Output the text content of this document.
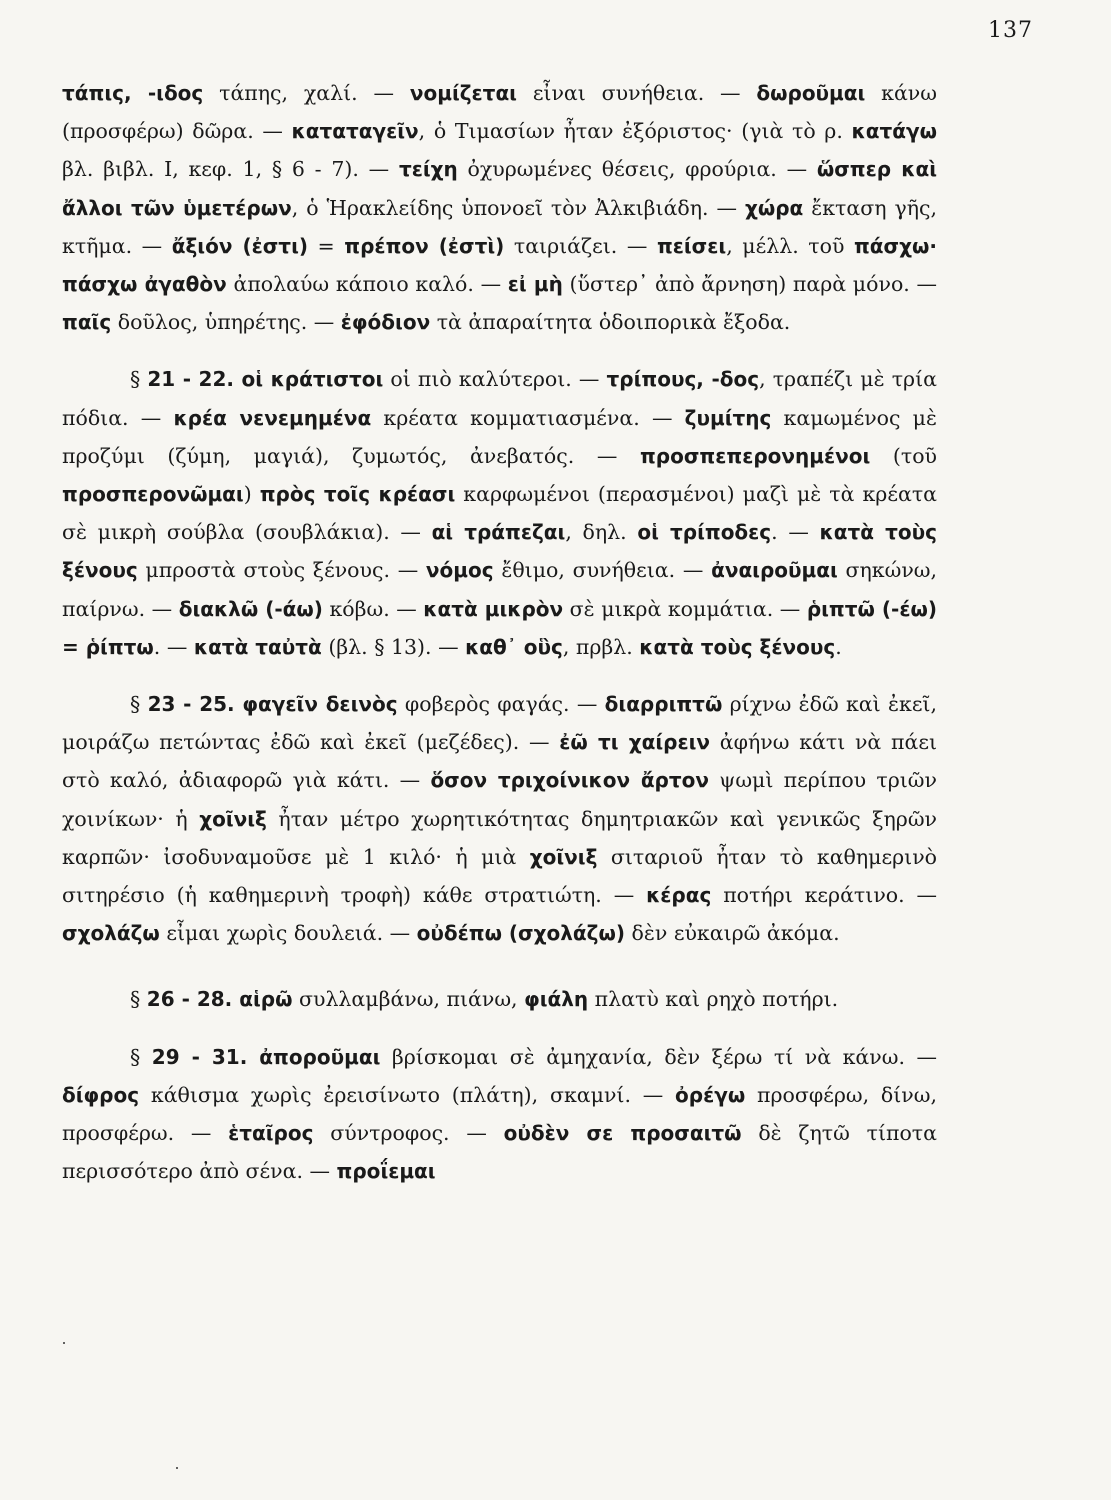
137

τάπις, -ιδος τάπης, χαλί. — νομίζεται εἶναι συνήθεια. — δωροῦμαι κάνω (προσφέρω) δῶρα. — καταταγεῖν, ὁ Τιμασίων ἦταν ἐξόριστος· (γιὰ τὸ ρ. κατάγω βλ. βιβλ. I, κεφ. 1, § 6 - 7). — τείχη ὀχυρωμένες θέσεις, φρούρια. — ὥσπερ καὶ ἄλλοι τῶν ὑμετέρων, ὁ Ἡρακλείδης ὑπονοεῖ τὸν Ἀλκιβιάδη. — χώρα ἔκταση γῆς, κτῆμα. — ἄξιόν (ἐστι) = πρέπον (ἐστὶ) ταιριάζει. — πείσει, μέλλ. τοῦ πάσχω· πάσχω ἀγαθὸν ἀπολαύω κάποιο καλό. — εἰ μὴ (ὕστερ᾽ ἀπὸ ἄρνηση) παρὰ μόνο. — παῖς δοῦλος, ὑπηρέτης. — ἐφόδιον τὰ ἀπαραίτητα ὁδοιπορικὰ ἔξοδα.

§ 21 - 22. οἱ κράτιστοι οἱ πιὸ καλύτεροι. — τρίπους, -δος, τραπέζι μὲ τρία πόδια. — κρέα νενεμημένα κρέατα κομματιασμένα. — ζυμίτης καμωμένος μὲ προζύμι (ζύμη, μαγιά), ζυμωτός, ἀνεβατός. — προσπεπερονημένοι (τοῦ προσπερονῶμαι) πρὸς τοῖς κρέασι καρφωμένοι (περασμένοι) μαζὶ μὲ τὰ κρέατα σὲ μικρὴ σούβλα (σουβλάκια). — αἱ τράπεζαι, δηλ. οἱ τρίποδες. — κατὰ τοὺς ξένους μπροστὰ στοὺς ξένους. — νόμος ἔθιμο, συνήθεια. — ἀναιροῦμαι σηκώνω, παίρνω. — διακλῶ (-άω) κόβω. — κατὰ μικρὸν σὲ μικρὰ κομμάτια. — ῥιπτῶ (-έω) = ῥίπτω. — κατὰ ταὐτὰ (βλ. § 13). — καθ᾽ οὓς, πρβλ. κατὰ τοὺς ξένους.

§ 23 - 25. φαγεῖν δεινὸς φοβερὸς φαγάς. — διαρριπτῶ ρίχνω ἐδῶ καὶ ἐκεῖ, μοιράζω πετώντας ἐδῶ καὶ ἐκεῖ (μεζέδες). — ἐῶ τι χαίρειν ἀφήνω κάτι νὰ πάει στὸ καλό, ἀδιαφορῶ γιὰ κάτι. — ὅσον τριχοίνικον ἄρτον ψωμὶ περίπου τριῶν χοινίκων· ἡ χοῖνιξ ἦταν μέτρο χωρητικότητας δημητριακῶν καὶ γενικῶς ξηρῶν καρπῶν· ἰσοδυναμοῦσε μὲ 1 κιλό· ἡ μιὰ χοῖνιξ σιταριοῦ ἦταν τὸ καθημερινὸ σιτηρέσιο (ἡ καθημερινὴ τροφὴ) κάθε στρατιώτη. — κέρας ποτήρι κεράτινο. — σχολάζω εἶμαι χωρὶς δουλειά. — οὐδέπω (σχολάζω) δὲν εὐκαιρῶ ἀκόμα.

§ 26 - 28. αἱρῶ συλλαμβάνω, πιάνω, φιάλη πλατὺ καὶ ρηχὸ ποτήρι.

§ 29 - 31. ἀποροῦμαι βρίσκομαι σὲ ἀμηχανία, δὲν ξέρω τί νὰ κάνω. — δίφρος κάθισμα χωρὶς ἐρεισίνωτο (πλάτη), σκαμνί. — ὀρέγω προσφέρω, δίνω, προσφέρω. — ἑταῖρος σύντροφος. — οὐδὲν σε προσαιτῶ δὲ ζητῶ τίποτα περισσότερο ἀπὸ σένα. — προΐεμαι
